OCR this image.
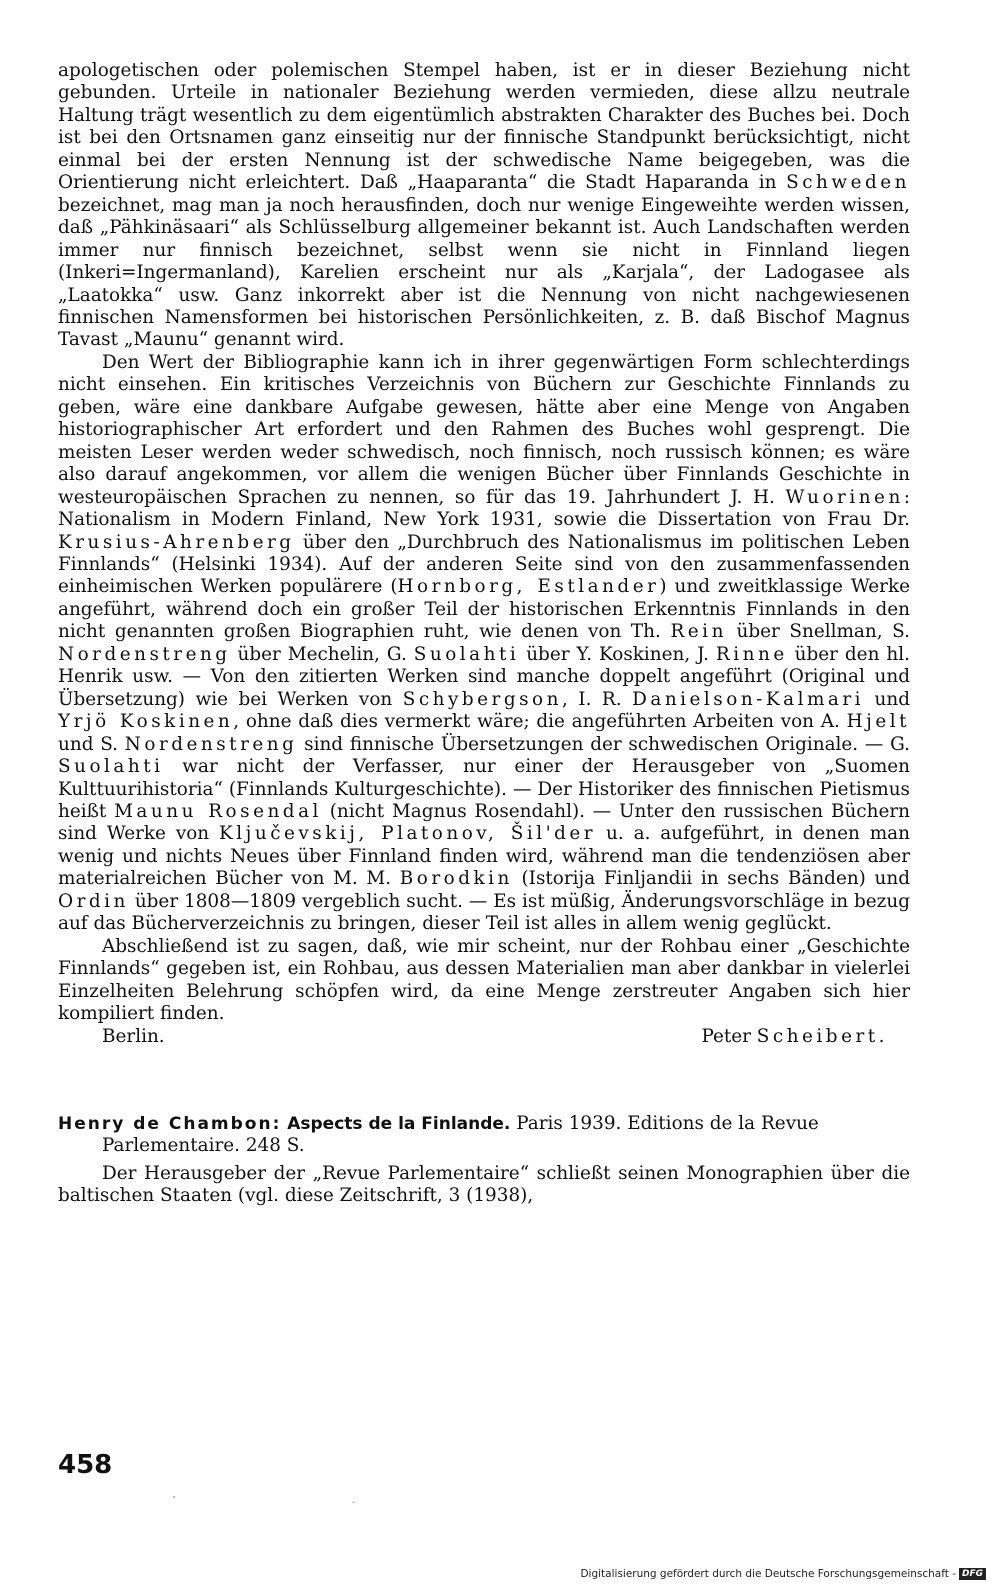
apologetischen oder polemischen Stempel haben, ist er in dieser Beziehung nicht gebunden. Urteile in nationaler Beziehung werden vermieden, diese allzu neutrale Haltung trägt wesentlich zu dem eigentümlich abstrakten Charakter des Buches bei. Doch ist bei den Ortsnamen ganz einseitig nur der finnische Standpunkt berücksichtigt, nicht einmal bei der ersten Nennung ist der schwedische Name beigegeben, was die Orientierung nicht erleichtert. Daß „Haaparanta“ die Stadt Haparanda in Schweden bezeichnet, mag man ja noch herausfinden, doch nur wenige Eingeweihte werden wissen, daß „Pähkinäsaari“ als Schlüsselburg allgemeiner bekannt ist. Auch Landschaften werden immer nur finnisch bezeichnet, selbst wenn sie nicht in Finnland liegen (Inkeri=Ingermanland), Karelien erscheint nur als „Karjala“, der Ladogasee als „Laatokka“ usw. Ganz inkorrekt aber ist die Nennung von nicht nachgewiesenen finnischen Namensformen bei historischen Persönlichkeiten, z. B. daß Bischof Magnus Tavast „Maunu“ genannt wird.

Den Wert der Bibliographie kann ich in ihrer gegenwärtigen Form schlechterdings nicht einsehen. Ein kritisches Verzeichnis von Büchern zur Geschichte Finnlands zu geben, wäre eine dankbare Aufgabe gewesen, hätte aber eine Menge von Angaben historiographischer Art erfordert und den Rahmen des Buches wohl gesprengt. Die meisten Leser werden weder schwedisch, noch finnisch, noch russisch können; es wäre also darauf angekommen, vor allem die wenigen Bücher über Finnlands Geschichte in westeuropäischen Sprachen zu nennen, so für das 19. Jahrhundert J. H. Wuorinen: Nationalism in Modern Finland, New York 1931, sowie die Dissertation von Frau Dr. Krusius-Ahrenberg über den „Durchbruch des Nationalismus im politischen Leben Finnlands“ (Helsinki 1934). Auf der anderen Seite sind von den zusammenfassenden einheimischen Werken populärere (Hornborg, Estlander) und zweitklassige Werke angeführt, während doch ein großer Teil der historischen Erkenntnis Finnlands in den nicht genannten großen Biographien ruht, wie denen von Th. Rein über Snellman, S. Nordenstreng über Mechelin, G. Suolahti über Y. Koskinen, J. Rinne über den hl. Henrik usw. — Von den zitierten Werken sind manche doppelt angeführt (Original und Übersetzung) wie bei Werken von Schybergson, I. R. Danielson-Kalmari und Yrjö Koskinen, ohne daß dies vermerkt wäre; die angeführten Arbeiten von A. Hjelt und S. Nordenstreng sind finnische Übersetzungen der schwedischen Originale. — G. Suolahti war nicht der Verfasser, nur einer der Herausgeber von „Suomen Kulttuurihistoria“ (Finnlands Kulturgeschichte). — Der Historiker des finnischen Pietismus heißt Maunu Rosendal (nicht Magnus Rosendahl). — Unter den russischen Büchern sind Werke von Ključevskij, Platonov, Šil'der u. a. aufgeführt, in denen man wenig und nichts Neues über Finnland finden wird, während man die tendenziösen aber materialreichen Bücher von M. M. Borodkin (Istorija Finljandii in sechs Bänden) und Ordin über 1808—1809 vergeblich sucht. — Es ist müßig, Änderungsvorschläge in bezug auf das Bücherverzeichnis zu bringen, dieser Teil ist alles in allem wenig geglückt.

Abschließend ist zu sagen, daß, wie mir scheint, nur der Rohbau einer „Geschichte Finnlands“ gegeben ist, ein Rohbau, aus dessen Materialien man aber dankbar in vielerlei Einzelheiten Belehrung schöpfen wird, da eine Menge zerstreuter Angaben sich hier kompiliert finden.

Berlin.	Peter Scheibert.

Henry de Chambon: Aspects de la Finlande. Paris 1939. Editions de la Revue Parlementaire. 248 S.

Der Herausgeber der „Revue Parlementaire“ schließt seinen Monographien über die baltischen Staaten (vgl. diese Zeitschrift, 3 (1938),

458
·
˙
Digitalisierung gefördert durch die Deutsche Forschungsgemeinschaft - DFG
